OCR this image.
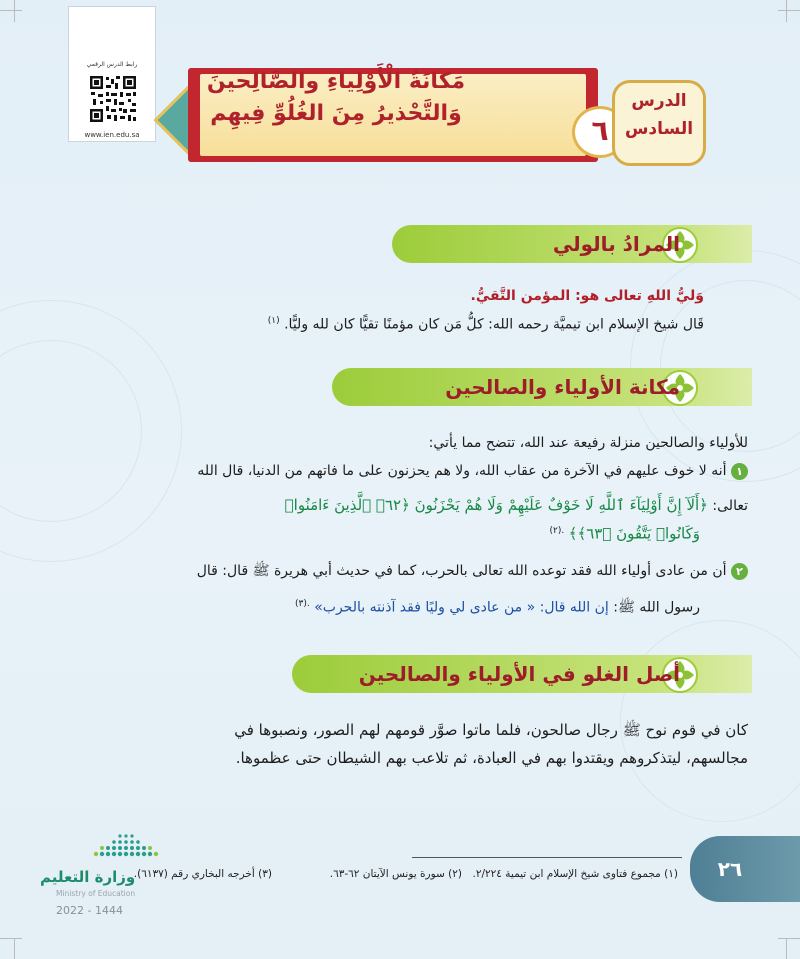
رابط الدرس الرقمي
www.ien.edu.sa
مَكانَةُ الْأَوْلِياءِ والصَّالِحينَ
وَالتَّحْذيرُ مِنَ الغُلُوِّ فِيهِم
٦
الدرس
السادس
المرادُ بالولي
وَليُّ اللهِ تعالى هو: المؤمن التَّقيُّ.
قَال شيخ الإسلام ابن تيميَّة رحمه الله: كلُّ مَن كان مؤمنًا تقيًّا كان لله وليًّا. $^{(١)}$
مكانة الأولياء والصالحين
للأولياء والصالحين منزلة رفيعة عند الله، تتضح مما يأتي:
١ أنه لا خوف عليهم في الآخرة من عقاب الله، ولا هم يحزنون على ما فاتهم من الدنيا، قال الله
تعالى: ﴿أَلَآ إِنَّ أَوْلِيَآءَ ٱللَّهِ لَا خَوْفٌ عَلَيْهِمْ وَلَا هُمْ يَحْزَنُونَ ﴿٦٢﴾ ٱلَّذِينَ ءَامَنُوا۟
وَكَانُوا۟ يَتَّقُونَ ﴿٦٣﴾﴾ $^{.(٢)}$
٢ أن من عادى أولياء الله فقد توعده الله تعالى بالحرب، كما في حديث أبي هريرة ﷺ قال: قال
رسول الله ﷺ: إن الله قال: « من عادى لي وليًا فقد آذنته بالحرب» $^{.(٣)}$
أصل الغلو في الأولياء والصالحين
كان في قوم نوح ﷺ رجال صالحون، فلما ماتوا صوَّر قومهم لهم الصور، ونصبوها في
مجالسهم، ليتذكروهم ويقتدوا بهم في العبادة، ثم تلاعب بهم الشيطان حتى عظموها.
(١) مجموع فتاوى شيخ الإسلام ابن تيمية ٢/٢٢٤.
(٢) سورة يونس الآيتان ٦٢-٦٣.
(٣) أخرجه البخاري رقم (٦١٣٧).	٢٦
وزارة التعليم
Ministry of Education
2022 - 1444
